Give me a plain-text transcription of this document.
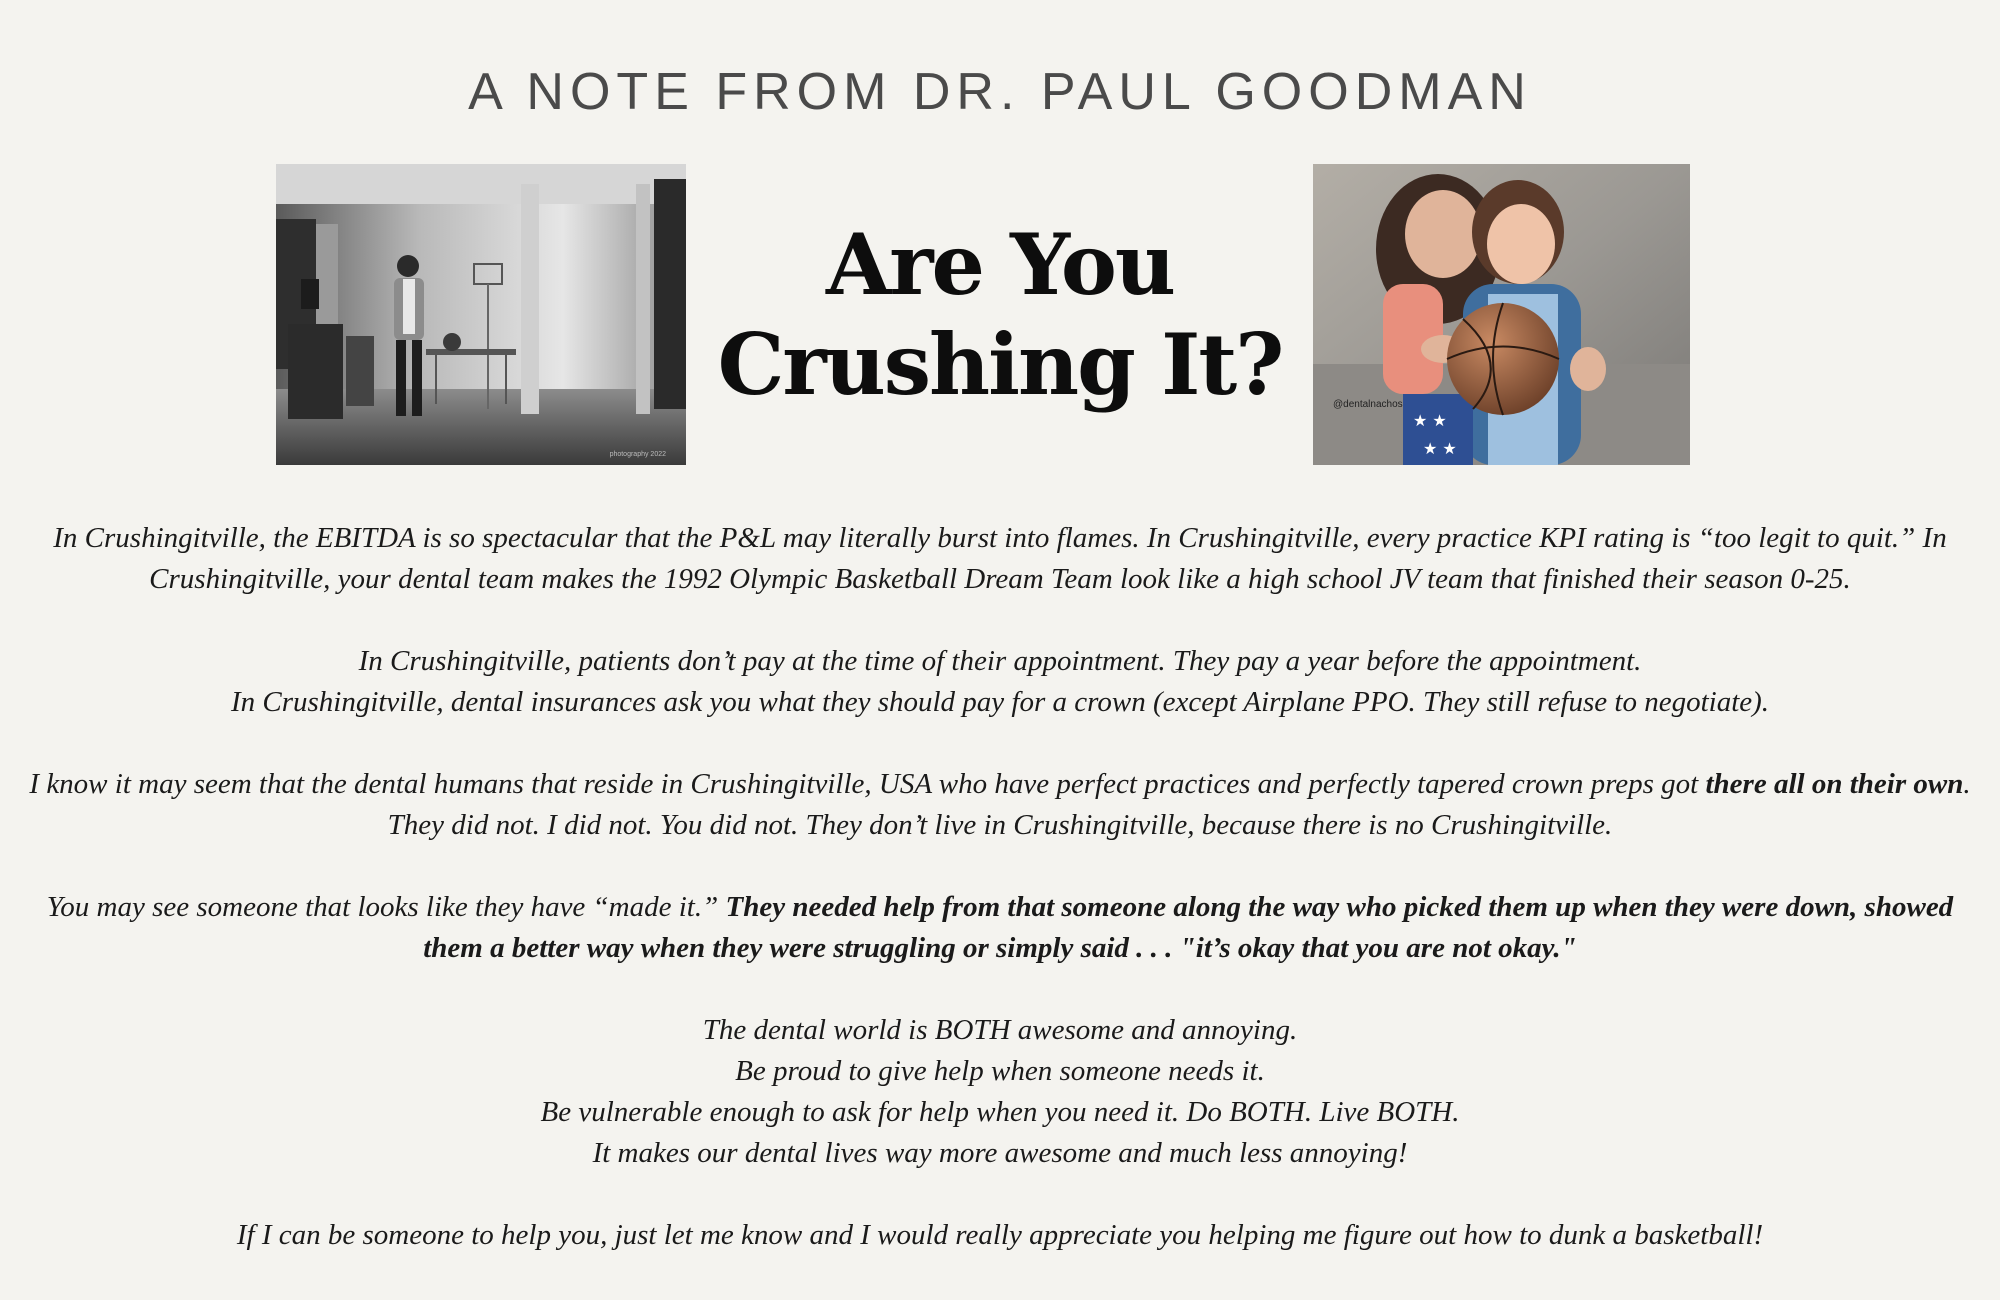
A NOTE FROM DR. PAUL GOODMAN
photography 2022
Are You
Crushing It?
★ ★
★ ★
@dentalnachos

In Crushingitville, the EBITDA is so spectacular that the P&L may literally burst into flames. In Crushingitville, every practice KPI rating is “too legit to quit.” In
Crushingitville, your dental team makes the 1992 Olympic Basketball Dream Team look like a high school JV team that finished their season 0-25.

In Crushingitville, patients don’t pay at the time of their appointment. They pay a year before the appointment.
In Crushingitville, dental insurances ask you what they should pay for a crown (except Airplane PPO. They still refuse to negotiate).

I know it may seem that the dental humans that reside in Crushingitville, USA who have perfect practices and perfectly tapered crown preps got there all on their own.
They did not. I did not. You did not. They don’t live in Crushingitville, because there is no Crushingitville.

You may see someone that looks like they have “made it.” They needed help from that someone along the way who picked them up when they were down, showed
them a better way when they were struggling or simply said . . . "it’s okay that you are not okay."

The dental world is BOTH awesome and annoying.
Be proud to give help when someone needs it.
Be vulnerable enough to ask for help when you need it. Do BOTH. Live BOTH.
It makes our dental lives way more awesome and much less annoying!

If I can be someone to help you, just let me know and I would really appreciate you helping me figure out how to dunk a basketball!
